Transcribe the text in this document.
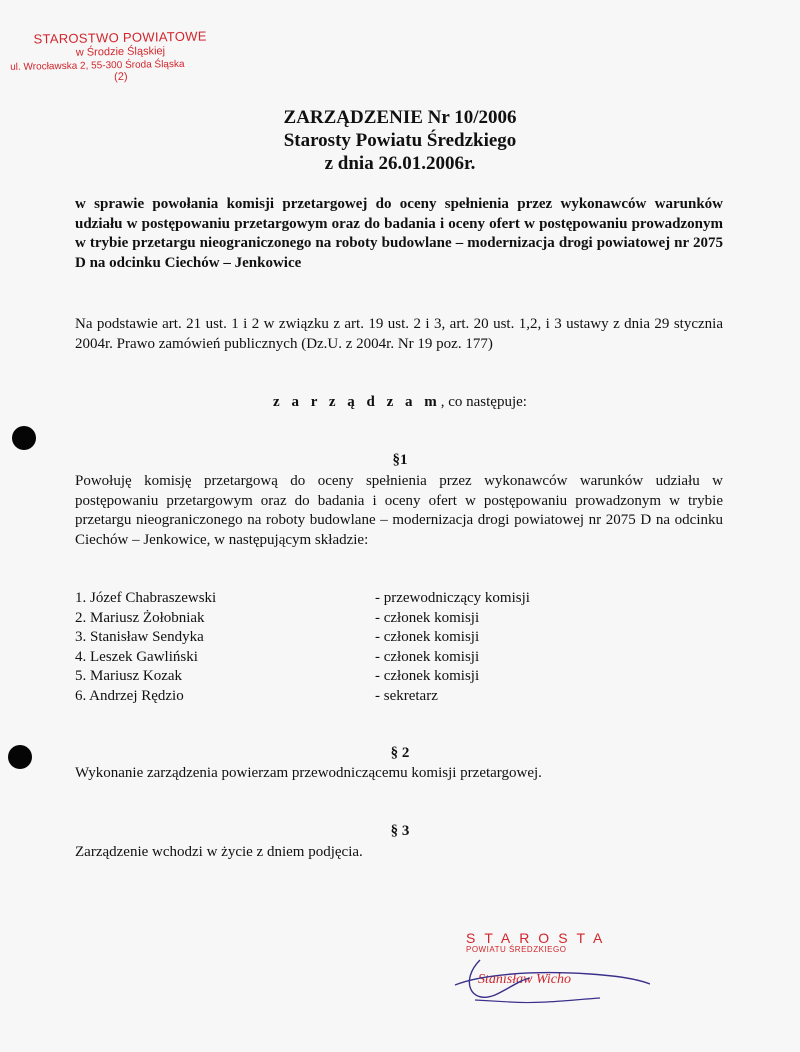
STAROSTWO POWIATOWE
w Środzie Śląskiej
ul. Wrocławska 2, 55-300 Środa Śląska
(2)
ZARZĄDZENIE Nr 10/2006
Starosty Powiatu Średzkiego
z dnia 26.01.2006r.
w sprawie powołania komisji przetargowej do oceny spełnienia przez wykonawców warunków udziału w postępowaniu przetargowym oraz do badania i oceny ofert w postępowaniu prowadzonym w trybie przetargu nieograniczonego na roboty budowlane – modernizacja drogi powiatowej nr 2075 D na odcinku Ciechów – Jenkowice
Na podstawie art. 21 ust. 1 i 2 w związku z art. 19 ust. 2 i 3, art. 20 ust. 1,2, i 3 ustawy z dnia 29 stycznia 2004r. Prawo zamówień publicznych (Dz.U. z 2004r. Nr 19 poz. 177)
z a r z ą d z a m, co następuje:
§1
Powołuję komisję przetargową do oceny spełnienia przez wykonawców warunków udziału w postępowaniu przetargowym oraz do badania i oceny ofert w postępowaniu prowadzonym w trybie przetargu nieograniczonego na roboty budowlane – modernizacja drogi powiatowej nr 2075 D na odcinku Ciechów – Jenkowice, w następującym składzie:
1. Józef Chabraszewski	- przewodniczący komisji
2. Mariusz Żołobniak	- członek komisji
3. Stanisław Sendyka	- członek komisji
4. Leszek Gawliński	- członek komisji
5. Mariusz Kozak	- członek komisji
6. Andrzej Rędzio	- sekretarz
§ 2
Wykonanie zarządzenia powierzam przewodniczącemu komisji przetargowej.
§ 3
Zarządzenie wchodzi w życie z dniem podjęcia.
STAROSTA
POWIATU ŚREDZKIEGO
Stanisław Wicho
